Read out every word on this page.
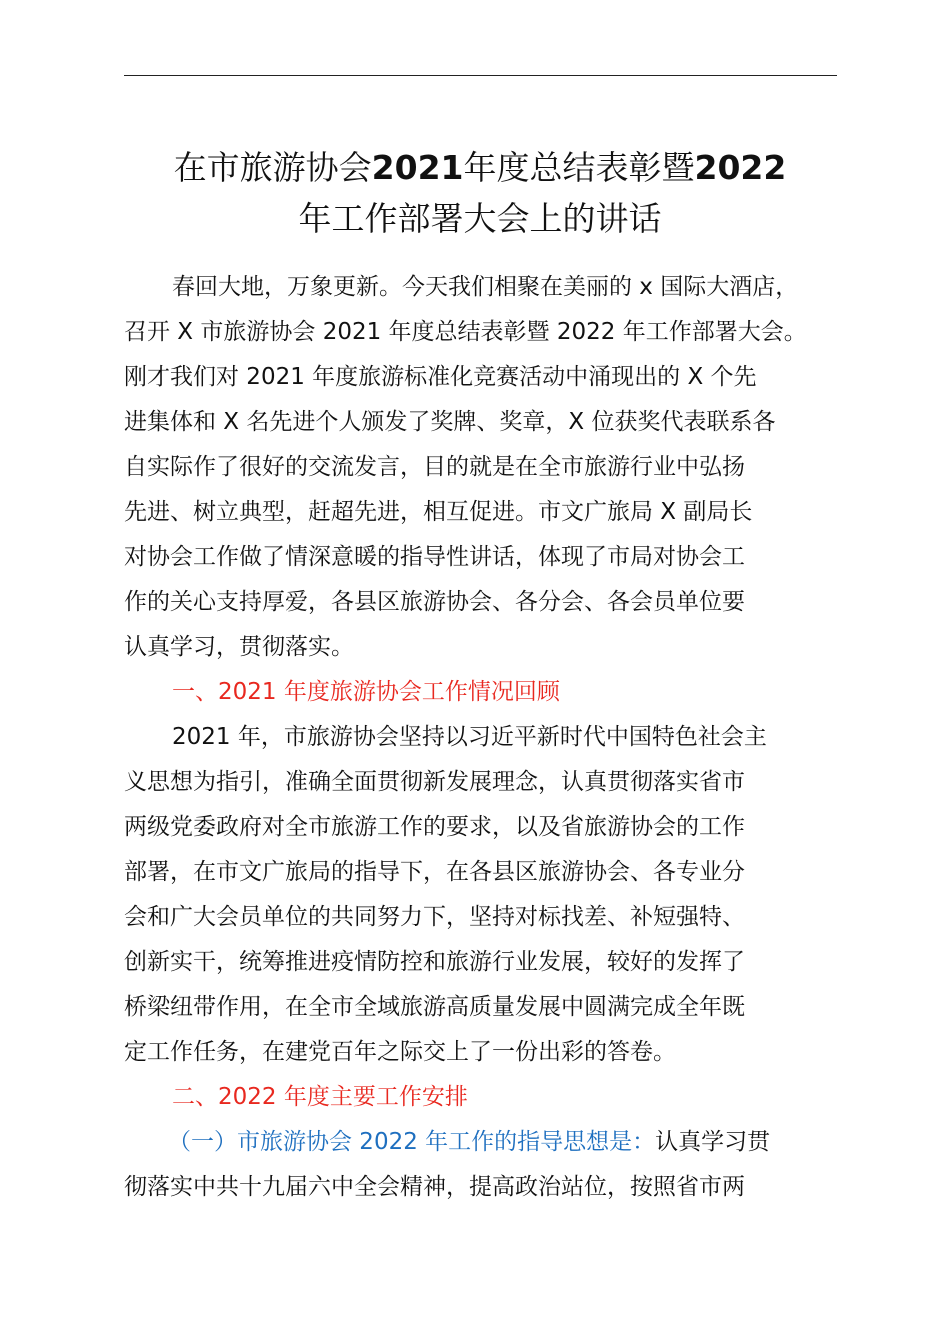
在市旅游协会2021年度总结表彰暨2022
年工作部署大会上的讲话
春回大地，万象更新。今天我们相聚在美丽的 x 国际大酒店，
召开 X 市旅游协会 2021 年度总结表彰暨 2022 年工作部署大会。
刚才我们对 2021 年度旅游标准化竞赛活动中涌现出的 X 个先
进集体和 X 名先进个人颁发了奖牌、奖章，X 位获奖代表联系各
自实际作了很好的交流发言，目的就是在全市旅游行业中弘扬
先进、树立典型，赶超先进，相互促进。市文广旅局 X 副局长
对协会工作做了情深意暖的指导性讲话，体现了市局对协会工
作的关心支持厚爱，各县区旅游协会、各分会、各会员单位要
认真学习，贯彻落实。
一、2021 年度旅游协会工作情况回顾
2021 年，市旅游协会坚持以习近平新时代中国特色社会主
义思想为指引，准确全面贯彻新发展理念，认真贯彻落实省市
两级党委政府对全市旅游工作的要求，以及省旅游协会的工作
部署，在市文广旅局的指导下，在各县区旅游协会、各专业分
会和广大会员单位的共同努力下，坚持对标找差、补短强特、
创新实干，统筹推进疫情防控和旅游行业发展，较好的发挥了
桥梁纽带作用，在全市全域旅游高质量发展中圆满完成全年既
定工作任务，在建党百年之际交上了一份出彩的答卷。
二、2022 年度主要工作安排
（一）市旅游协会 2022 年工作的指导思想是：认真学习贯
彻落实中共十九届六中全会精神，提高政治站位，按照省市两
